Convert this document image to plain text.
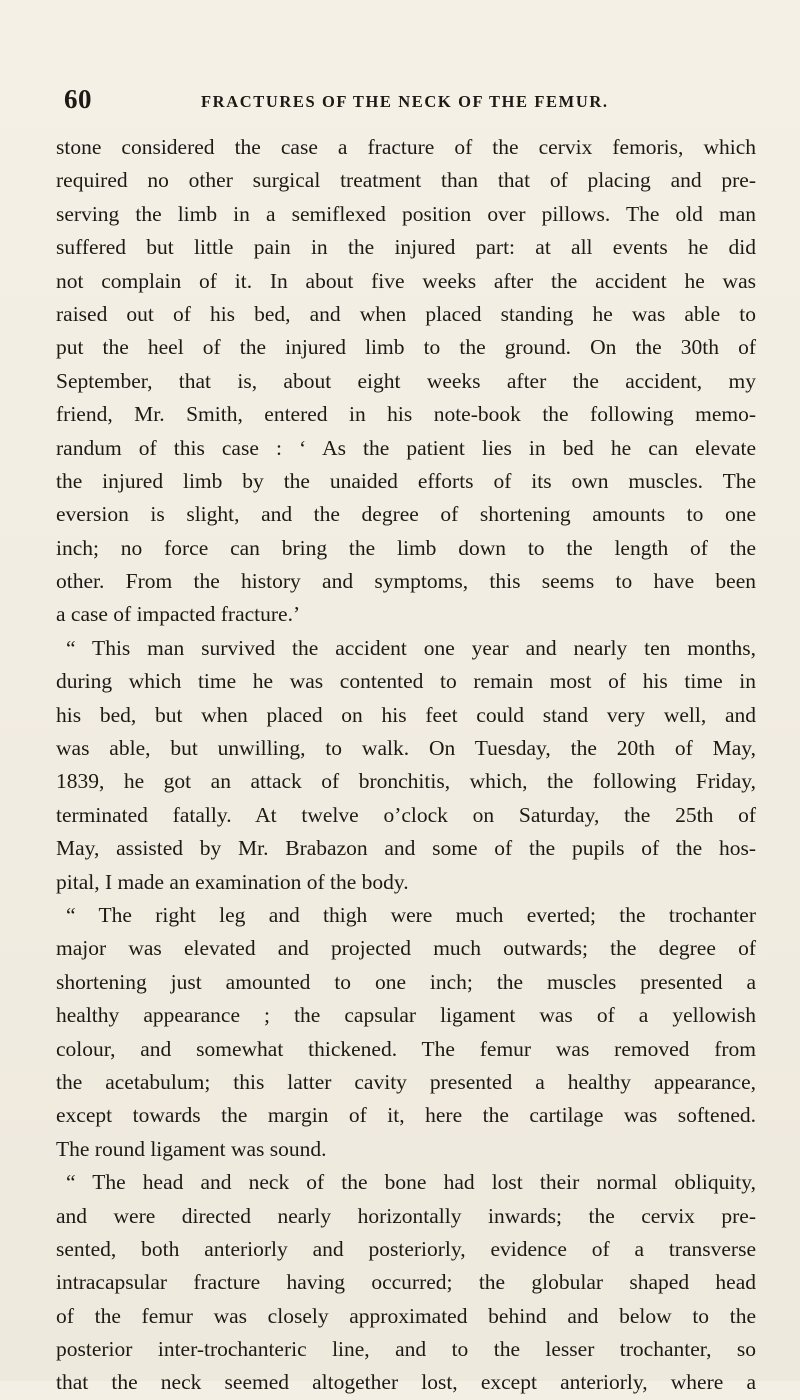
60	FRACTURES OF THE NECK OF THE FEMUR.
stone considered the case a fracture of the cervix femoris, which
required no other surgical treatment than that of placing and pre-
serving the limb in a semiflexed position over pillows. The old man
suffered but little pain in the injured part: at all events he did
not complain of it. In about five weeks after the accident he was
raised out of his bed, and when placed standing he was able to
put the heel of the injured limb to the ground. On the 30th of
September, that is, about eight weeks after the accident, my
friend, Mr. Smith, entered in his note-book the following memo-
randum of this case : ‘ As the patient lies in bed he can elevate
the injured limb by the unaided efforts of its own muscles. The
eversion is slight, and the degree of shortening amounts to one
inch; no force can bring the limb down to the length of the
other. From the history and symptoms, this seems to have been
a case of impacted fracture.’
“ This man survived the accident one year and nearly ten months,
during which time he was contented to remain most of his time in
his bed, but when placed on his feet could stand very well, and
was able, but unwilling, to walk. On Tuesday, the 20th of May,
1839, he got an attack of bronchitis, which, the following Friday,
terminated fatally. At twelve o’clock on Saturday, the 25th of
May, assisted by Mr. Brabazon and some of the pupils of the hos-
pital, I made an examination of the body.
“ The right leg and thigh were much everted; the trochanter
major was elevated and projected much outwards; the degree of
shortening just amounted to one inch; the muscles presented a
healthy appearance ; the capsular ligament was of a yellowish
colour, and somewhat thickened. The femur was removed from
the acetabulum; this latter cavity presented a healthy appearance,
except towards the margin of it, here the cartilage was softened.
The round ligament was sound.
“ The head and neck of the bone had lost their normal obliquity,
and were directed nearly horizontally inwards; the cervix pre-
sented, both anteriorly and posteriorly, evidence of a transverse
intracapsular fracture having occurred; the globular shaped head
of the femur was closely approximated behind and below to the
posterior inter-trochanteric line, and to the lesser trochanter, so
that the neck seemed altogether lost, except anteriorly, where a
